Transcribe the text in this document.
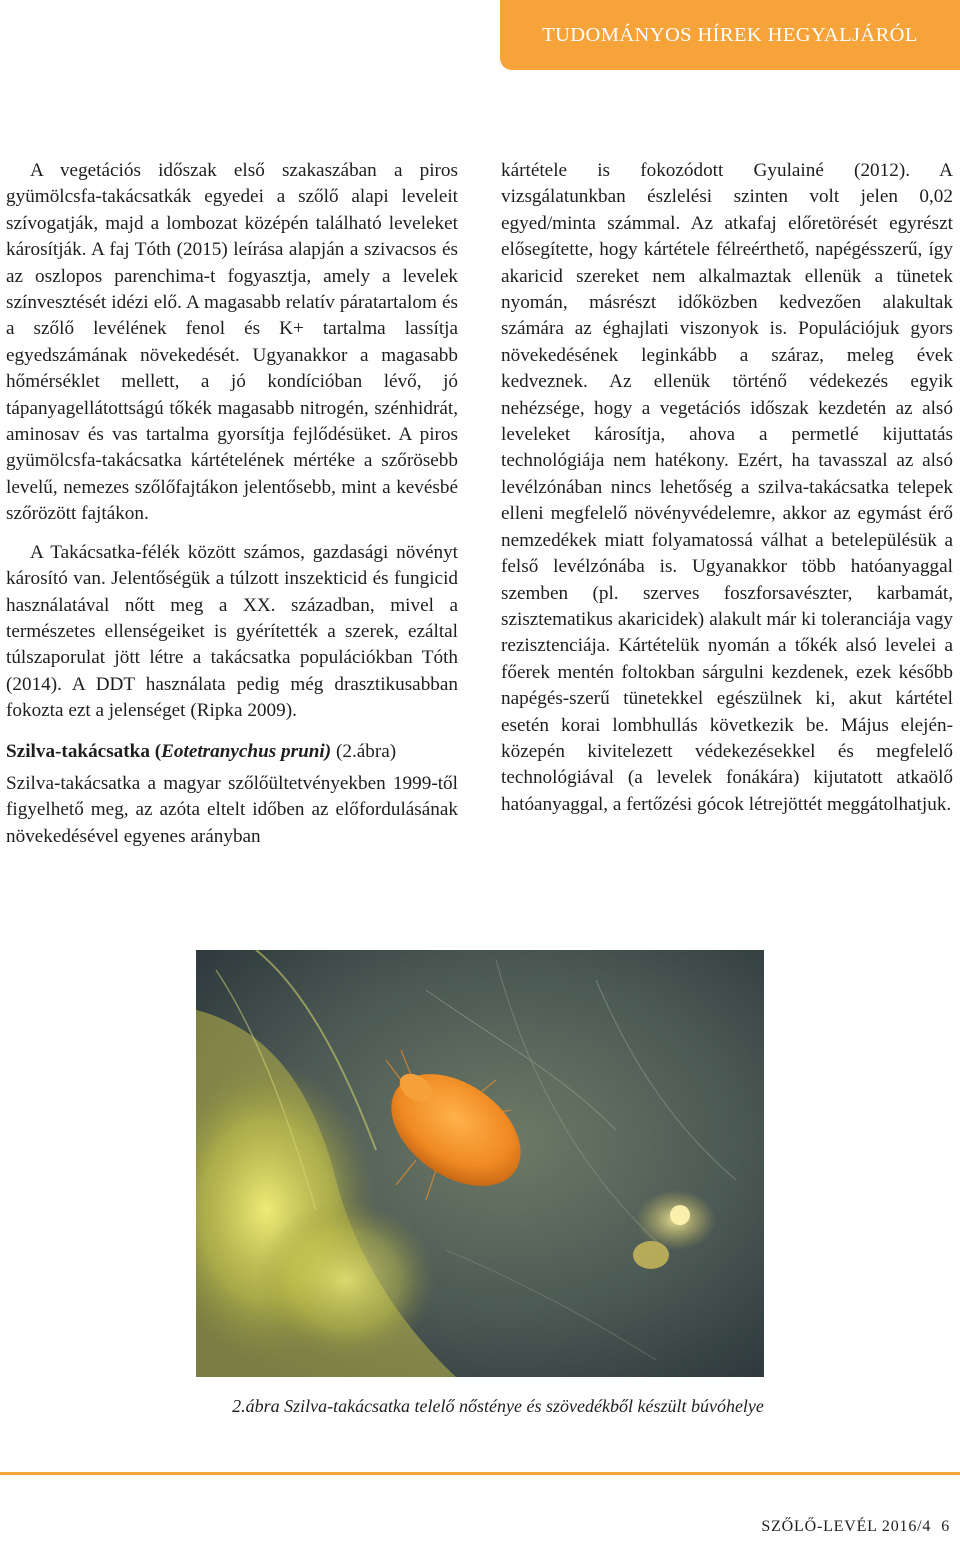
TUDOMÁNYOS HÍREK HEGYALJÁRÓL

A vegetációs időszak első szakaszában a piros gyümölcsfa-takácsatkák egyedei a szőlő alapi leveleit szívogatják, majd a lombozat középén található leveleket károsítják. A faj Tóth (2015) leírása alapján a szivacsos és az oszlopos parenchima-t fogyasztja, amely a levelek színvesztését idézi elő. A magasabb relatív páratartalom és a szőlő levélének fenol és K+ tartalma lassítja egyedszámának növekedését. Ugyanakkor a magasabb hőmérséklet mellett, a jó kondícióban lévő, jó tápanyagellátottságú tőkék magasabb nitrogén, szénhidrát, aminosav és vas tartalma gyorsítja fejlődésüket. A piros gyümölcsfa-takácsatka kártételének mértéke a szőrösebb levelű, nemezes szőlőfajtákon jelentősebb, mint a kevésbé szőrözött fajtákon.

A Takácsatka-félék között számos, gazdasági növényt károsító van. Jelentőségük a túlzott inszekticid és fungicid használatával nőtt meg a XX. században, mivel a természetes ellenségeiket is gyérítették a szerek, ezáltal túlszaporulat jött létre a takácsatka populációkban Tóth (2014). A DDT használata pedig még drasztikusabban fokozta ezt a jelenséget (Ripka 2009).

Szilva-takácsatka (Eotetranychus pruni) (2.ábra)

Szilva-takácsatka a magyar szőlőültetvényekben 1999-től figyelhető meg, az azóta eltelt időben az előfordulásának növekedésével egyenes arányban

kártétele is fokozódott Gyulainé (2012). A vizsgálatunkban észlelési szinten volt jelen 0,02 egyed/minta számmal. Az atkafaj előretörését egyrészt elősegítette, hogy kártétele félreérthető, napégésszerű, így akaricid szereket nem alkalmaztak ellenük a tünetek nyomán, másrészt időközben kedvezően alakultak számára az éghajlati viszonyok is. Populációjuk gyors növekedésének leginkább a száraz, meleg évek kedveznek. Az ellenük történő védekezés egyik nehézsége, hogy a vegetációs időszak kezdetén az alsó leveleket károsítja, ahova a permetlé kijuttatás technológiája nem hatékony. Ezért, ha tavasszal az alsó levélzónában nincs lehetőség a szilva-takácsatka telepek elleni megfelelő növényvédelemre, akkor az egymást érő nemzedékek miatt folyamatossá válhat a betelepülésük a felső levélzónába is. Ugyanakkor több hatóanyaggal szemben (pl. szerves foszforsavészter, karbamát, szisztematikus akaricidek) alakult már ki toleranciája vagy rezisztenciája. Kártételük nyomán a tőkék alsó levelei a főerek mentén foltokban sárgulni kezdenek, ezek később napégés-szerű tünetekkel egészülnek ki, akut kártétel esetén korai lombhullás következik be. Május elején-közepén kivitelezett védekezésekkel és megfelelő technológiával (a levelek fonákára) kijutatott atkaölő hatóanyaggal, a fertőzési gócok létrejöttét meggátolhatjuk.

2.ábra Szilva-takácsatka telelő nősténye és szövedékből készült búvóhelye
SZŐLŐ-LEVÉL 2016/4 6
